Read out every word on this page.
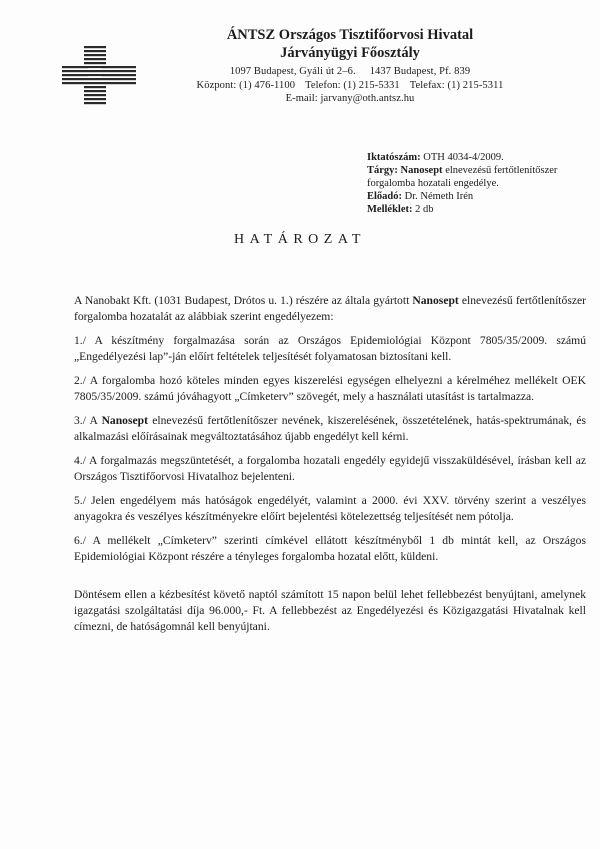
ÁNTSZ Országos Tisztifőorvosi Hivatal
Járványügyi Főosztály
1097 Budapest, Gyáli út 2–6. 1437 Budapest, Pf. 839
Központ: (1) 476-1100 Telefon: (1) 215-5331 Telefax: (1) 215-5311
E-mail: jarvany@oth.antsz.hu
Iktatószám: OTH 4034-4/2009.
Tárgy: Nanosept elnevezésű fertőtlenítőszer forgalomba hozatali engedélye.
Előadó: Dr. Németh Irén
Melléklet: 2 db
HATÁROZAT

A Nanobakt Kft. (1031 Budapest, Drótos u. 1.) részére az általa gyártott Nanosept elnevezésű fertőtlenítőszer forgalomba hozatalát az alábbiak szerint engedélyezem:

1./ A készítmény forgalmazása során az Országos Epidemiológiai Központ 7805/35/2009. számú „Engedélyezési lap”-ján előírt feltételek teljesítését folyamatosan biztosítani kell.

2./ A forgalomba hozó köteles minden egyes kiszerelési egységen elhelyezni a kérelméhez mellékelt OEK 7805/35/2009. számú jóváhagyott „Címketerv” szövegét, mely a használati utasítást is tartalmazza.

3./ A Nanosept elnevezésű fertőtlenítőszer nevének, kiszerelésének, összetételének, hatás-spektrumának, és alkalmazási előírásainak megváltoztatásához újabb engedélyt kell kérni.

4./ A forgalmazás megszüntetését, a forgalomba hozatali engedély egyidejű visszaküldésével, írásban kell az Országos Tisztifőorvosi Hivatalhoz bejelenteni.

5./ Jelen engedélyem más hatóságok engedélyét, valamint a 2000. évi XXV. törvény szerint a veszélyes anyagokra és veszélyes készítményekre előírt bejelentési kötelezettség teljesítését nem pótolja.

6./ A mellékelt „Címketerv” szerinti címkével ellátott készítményből 1 db mintát kell, az Országos Epidemiológiai Központ részére a tényleges forgalomba hozatal előtt, küldeni.

Döntésem ellen a kézbesítést követő naptól számított 15 napon belül lehet fellebbezést benyújtani, amelynek igazgatási szolgáltatási díja 96.000,- Ft. A fellebbezést az Engedélyezési és Közigazgatási Hivatalnak kell címezni, de hatóságomnál kell benyújtani.
